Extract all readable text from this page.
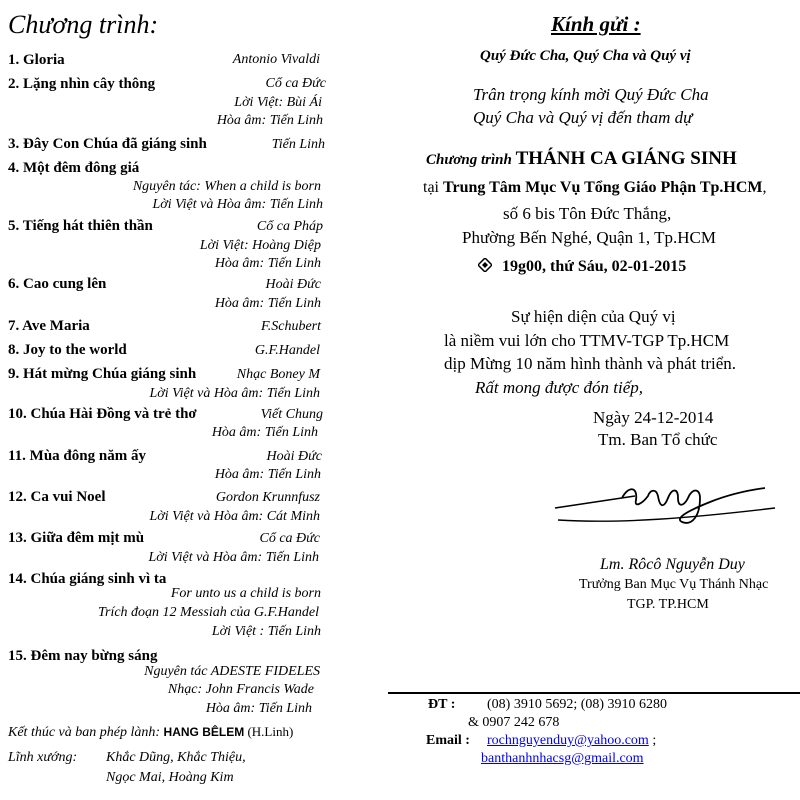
Chương trình:
1. Gloria	Antonio Vivaldi
2. Lặng nhìn cây thông	Cổ ca Đức
Lời Việt: Bùi Ái
Hòa âm: Tiến Linh
3. Đây Con Chúa đã giáng sinh	Tiến Linh
4. Một đêm đông giá
Nguyên tác: When a child is born
Lời Việt và Hòa âm: Tiến Linh
5. Tiếng hát thiên thần	Cổ ca Pháp
Lời Việt: Hoàng Diệp
Hòa âm: Tiến Linh
6. Cao cung lên	Hoài Đức
Hòa âm: Tiến Linh
7. Ave Maria	F.Schubert
8. Joy to the world	G.F.Handel
9. Hát mừng Chúa giáng sinh	Nhạc Boney M
Lời Việt và Hòa âm: Tiến Linh
10. Chúa Hài Đồng và trẻ thơ	Viết Chung
Hòa âm: Tiến Linh
11. Mùa đông năm ấy	Hoài Đức
Hòa âm: Tiến Linh
12. Ca vui Noel	Gordon Krunnfusz
Lời Việt và Hòa âm: Cát Minh
13. Giữa đêm mịt mù	Cổ ca Đức
Lời Việt và Hòa âm: Tiến Linh
14. Chúa giáng sinh vì ta
For unto us a child is born
Trích đoạn 12 Messiah của G.F.Handel
Lời Việt : Tiến Linh
15. Đêm nay bừng sáng
Nguyên tác ADESTE FIDELES
Nhạc: John Francis Wade
Hòa âm: Tiến Linh
Kết thúc và ban phép lành: HANG BÊLEM (H.Linh)
Lĩnh xướng: Khắc Dũng, Khắc Thiệu,
Ngọc Mai, Hoàng Kim
Kính gửi :
Quý Đức Cha, Quý Cha và Quý vị
Trân trọng kính mời Quý Đức Cha
Quý Cha và Quý vị đến tham dự
Chương trình THÁNH CA GIÁNG SINH
tại Trung Tâm Mục Vụ Tổng Giáo Phận Tp.HCM,
số 6 bis Tôn Đức Thắng,
Phường Bến Nghé, Quận 1, Tp.HCM
19g00, thứ Sáu, 02-01-2015
Sự hiện diện của Quý vị
là niềm vui lớn cho TTMV-TGP Tp.HCM
dịp Mừng 10 năm hình thành và phát triển.
Rất mong được đón tiếp,
Ngày 24-12-2014
Tm. Ban Tổ chức
Lm. Rôcô Nguyễn Duy
Trưởng Ban Mục Vụ Thánh Nhạc
TGP. TP.HCM
ĐT : (08) 3910 5692; (08) 3910 6280
& 0907 242 678
Email : rochnguyenduy@yahoo.com ;
banthanhnhacsg@gmail.com
